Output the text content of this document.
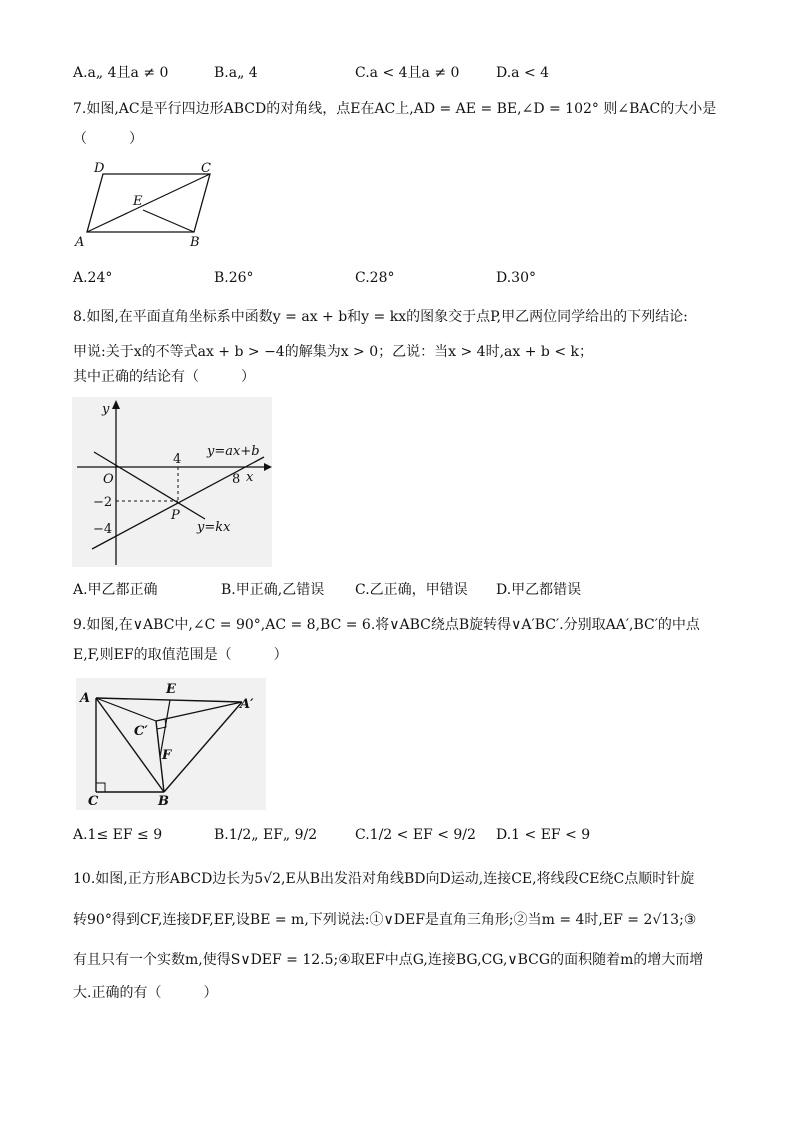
A.a„ 4且a ≠ 0	B.a„ 4	C.a < 4且a ≠ 0	D.a < 4
7.如图,AC是平行四边形ABCD的对角线，点E在AC上,AD = AE = BE,∠D = 102° 则∠BAC的大小是
（　　　）
D	C
E
A	B
A.24°	B.26°	C.28°	D.30°
8.如图,在平面直角坐标系中函数y = ax + b和y = kx的图象交于点P,甲乙两位同学给出的下列结论:
甲说:关于x的不等式ax + b > −4的解集为x > 0；乙说：当x > 4时,ax + b < k；
其中正确的结论有（　　　）
y
O
4
8 x
−2
−4
P
y=ax+b
y=kx
A.甲乙都正确	B.甲正确,乙错误 C.乙正确，甲错误 D.甲乙都错误
9.如图,在∨ABC中,∠C = 90°,AC = 8,BC = 6.将∨ABC绕点B旋转得∨A′BC′.分别取AA′,BC′的中点
E,F,则EF的取值范围是（　　　）
A
E
A′
C′
F
C	B
A.1≤ EF ≤ 9	B.1/2„ EF„ 9/2	C.1/2 < EF < 9/2 D.1 < EF < 9
10.如图,正方形ABCD边长为5√2,E从B出发沿对角线BD向D运动,连接CE,将线段CE绕C点顺时针旋
转90°得到CF,连接DF,EF,设BE = m,下列说法:①∨DEF是直角三角形;②当m = 4时,EF = 2√13;③
有且只有一个实数m,使得S∨DEF = 12.5;④取EF中点G,连接BG,CG,∨BCG的面积随着m的增大而增
大.正确的有（　　　）
